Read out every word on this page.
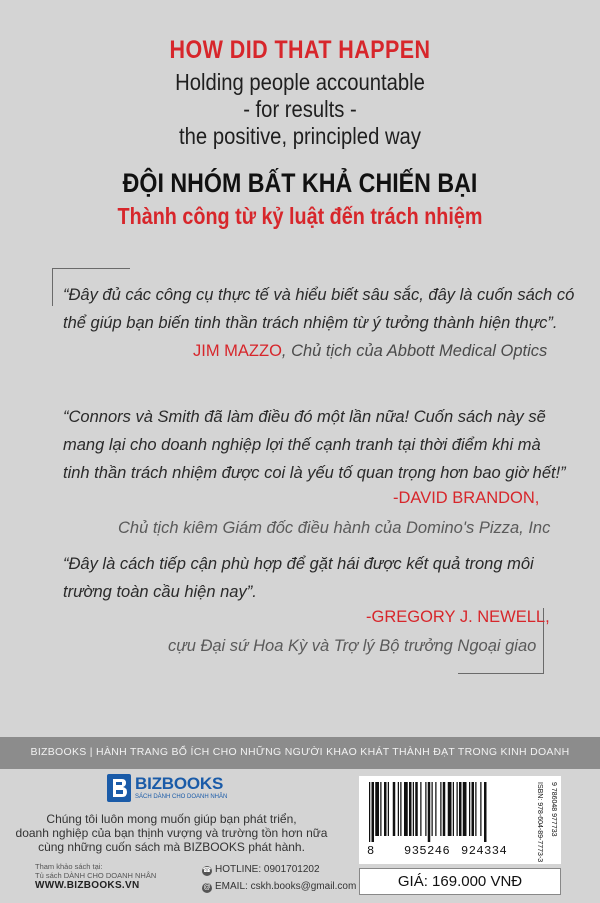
HOW DID THAT HAPPEN
Holding people accountable
- for results -
the positive, principled way
ĐỘI NHÓM BẤT KHẢ CHIẾN BẠI
Thành công từ kỷ luật đến trách nhiệm
“Đây đủ các công cụ thực tế và hiểu biết sâu sắc, đây là cuốn sách có
thể giúp bạn biến tinh thần trách nhiệm từ ý tưởng thành hiện thực”.
JIM MAZZO, Chủ tịch của Abbott Medical Optics
“Connors và Smith đã làm điều đó một lần nữa! Cuốn sách này sẽ
mang lại cho doanh nghiệp lợi thế cạnh tranh tại thời điểm khi mà
tinh thần trách nhiệm được coi là yếu tố quan trọng hơn bao giờ hết!”
-DAVID BRANDON,
Chủ tịch kiêm Giám đốc điều hành của Domino's Pizza, Inc
“Đây là cách tiếp cận phù hợp để gặt hái được kết quả trong môi
trường toàn cầu hiện nay”.
-GREGORY J. NEWELL,
cựu Đại sứ Hoa Kỳ và Trợ lý Bộ trưởng Ngoại giao
BIZBOOKS | HÀNH TRANG BỔ ÍCH CHO NHỮNG NGƯỜI KHAO KHÁT THÀNH ĐẠT TRONG KINH DOANH
BIZBOOKS
SÁCH DÀNH CHO DOANH NHÂN
Chúng tôi luôn mong muốn giúp bạn phát triển,
doanh nghiệp của bạn thịnh vượng và trường tồn hơn nữa
cùng những cuốn sách mà BIZBOOKS phát hành.
Tham khảo sách tại:
Tủ sách DÀNH CHO DOANH NHÂN
WWW.BIZBOOKS.VN
☎ HOTLINE: 0901701202
@ EMAIL: cskh.books@gmail.com
8 935246 924334	ISBN: 978-604-89-7773-3	9 786048 977733
GIÁ: 169.000 VNĐ
